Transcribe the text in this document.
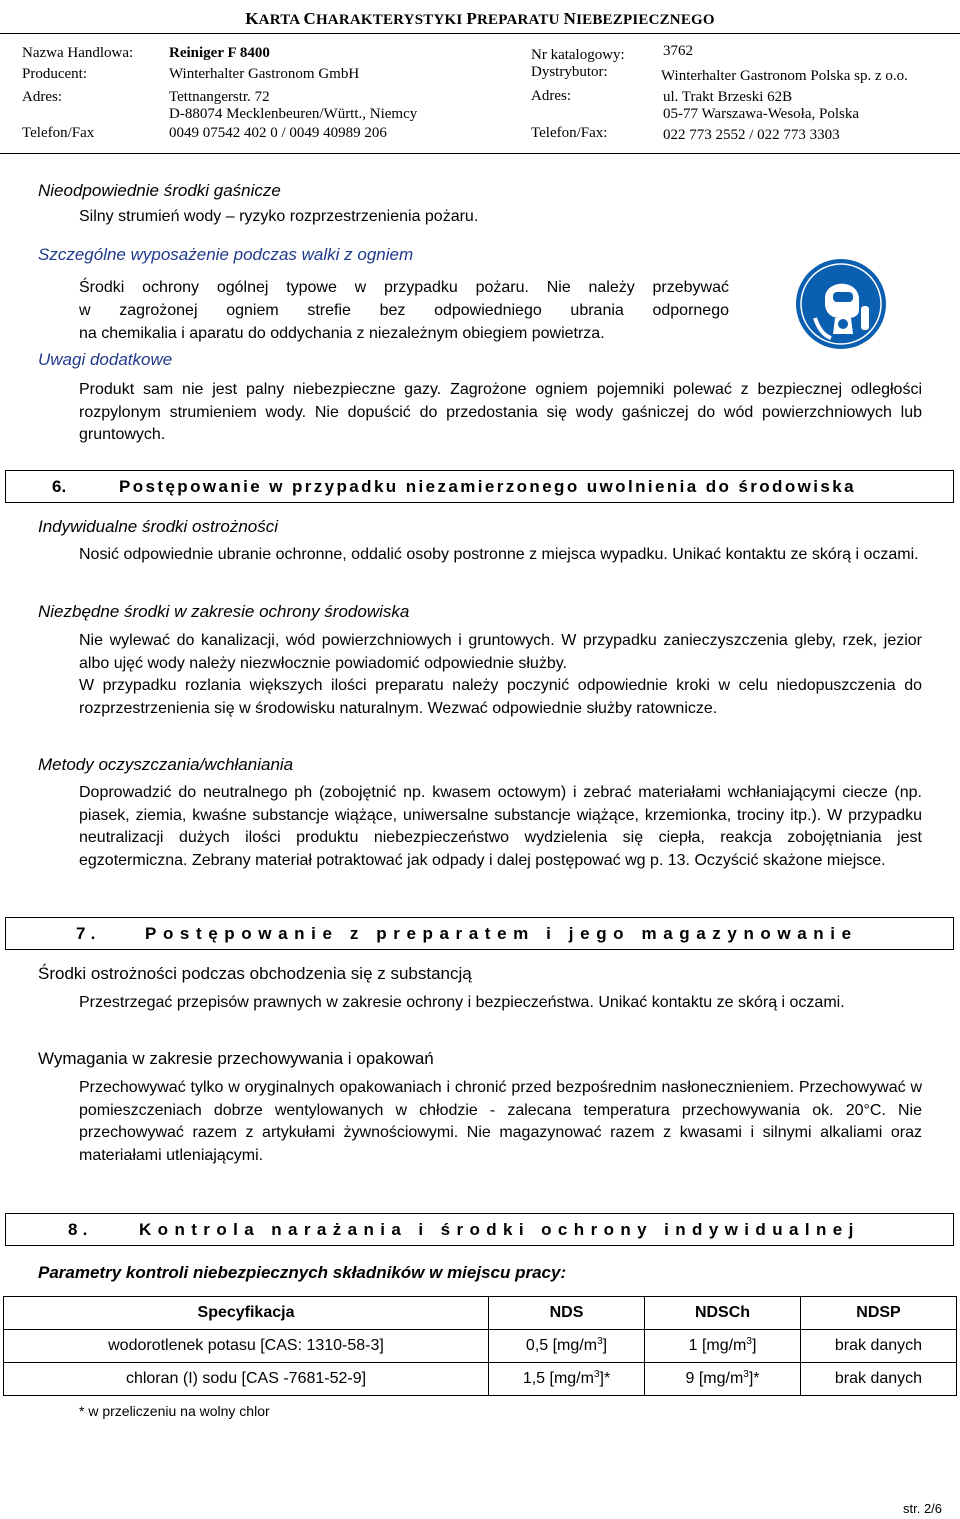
KARTA CHARAKTERYSTYKI PREPARATU NIEBEZPIECZNEGO
Nazwa Handlowa: Reiniger F 8400
Producent:	Winterhalter Gastronom GmbH
Adres:	Tettnangerstr. 72
D-88074 Mecklenbeuren/Württ., Niemcy
Telefon/Fax	0049 07542 402 0 / 0049 40989 206
Nr katalogowy:	3762
Dystrybutor:	Winterhalter Gastronom Polska sp. z o.o.
Adres:	ul. Trakt Brzeski 62B
05-77 Warszawa-Wesoła, Polska
Telefon/Fax:	022 773 2552 / 022 773 3303
Nieodpowiednie środki gaśnicze
Silny strumień wody – ryzyko rozprzestrzenienia pożaru.
Szczególne wyposażenie podczas walki z ogniem
Środki ochrony ogólnej typowe w przypadku pożaru. Nie należy przebywać
w zagrożonej ogniem strefie bez odpowiedniego ubrania odpornego
na chemikalia i aparatu do oddychania z niezależnym obiegiem powietrza.
Uwagi dodatkowe
Produkt sam nie jest palny niebezpieczne gazy. Zagrożone ogniem pojemniki polewać z bezpiecznej odległości rozpylonym strumieniem wody. Nie dopuścić do przedostania się wody gaśniczej do wód powierzchniowych lub gruntowych.
6.	Postępowanie w przypadku niezamierzonego uwolnienia do środowiska
Indywidualne środki ostrożności
Nosić odpowiednie ubranie ochronne, oddalić osoby postronne z miejsca wypadku. Unikać kontaktu ze skórą i oczami.
Niezbędne środki w zakresie ochrony środowiska
Nie wylewać do kanalizacji, wód powierzchniowych i gruntowych. W przypadku zanieczyszczenia gleby, rzek, jezior albo ujęć wody należy niezwłocznie powiadomić odpowiednie służby.
W przypadku rozlania większych ilości preparatu należy poczynić odpowiednie kroki w celu niedopuszczenia do rozprzestrzenienia się w środowisku naturalnym. Wezwać odpowiednie służby ratownicze.
Metody oczyszczania/wchłaniania
Doprowadzić do neutralnego ph (zobojętnić np. kwasem octowym) i zebrać materiałami wchłaniającymi ciecze (np. piasek, ziemia, kwaśne substancje wiążące, uniwersalne substancje wiążące, krzemionka, trociny itp.). W przypadku neutralizacji dużych ilości produktu niebezpieczeństwo wydzielenia się ciepła, reakcja zobojętniania jest egzotermiczna. Zebrany materiał potraktować jak odpady i dalej postępować wg p. 13. Oczyścić skażone miejsce.
7.	Postępowanie z preparatem i jego magazynowanie
Środki ostrożności podczas obchodzenia się z substancją
Przestrzegać przepisów prawnych w zakresie ochrony i bezpieczeństwa. Unikać kontaktu ze skórą i oczami.
Wymagania w zakresie przechowywania i opakowań
Przechowywać tylko w oryginalnych opakowaniach i chronić przed bezpośrednim nasłonecznieniem. Przechowywać w pomieszczeniach dobrze wentylowanych w chłodzie - zalecana temperatura przechowywania ok. 20°C. Nie przechowywać razem z artykułami żywnościowymi. Nie magazynować razem z kwasami i silnymi alkaliami oraz materiałami utleniającymi.
8.	Kontrola narażania i środki ochrony indywidualnej
Parametry kontroli niebezpiecznych składników w miejscu pracy:
Specyfikacja	NDS	NDSCh	NDSP
wodorotlenek potasu [CAS: 1310-58-3]	0,5 $[mg/m^3]$	1 $[mg/m^3]$	brak danych
chloran (I) sodu [CAS -7681-52-9]	1,5 $[mg/m^3]*$	9 $[mg/m^3]*$	brak danych
* w przeliczeniu na wolny chlor
str. 2/6
